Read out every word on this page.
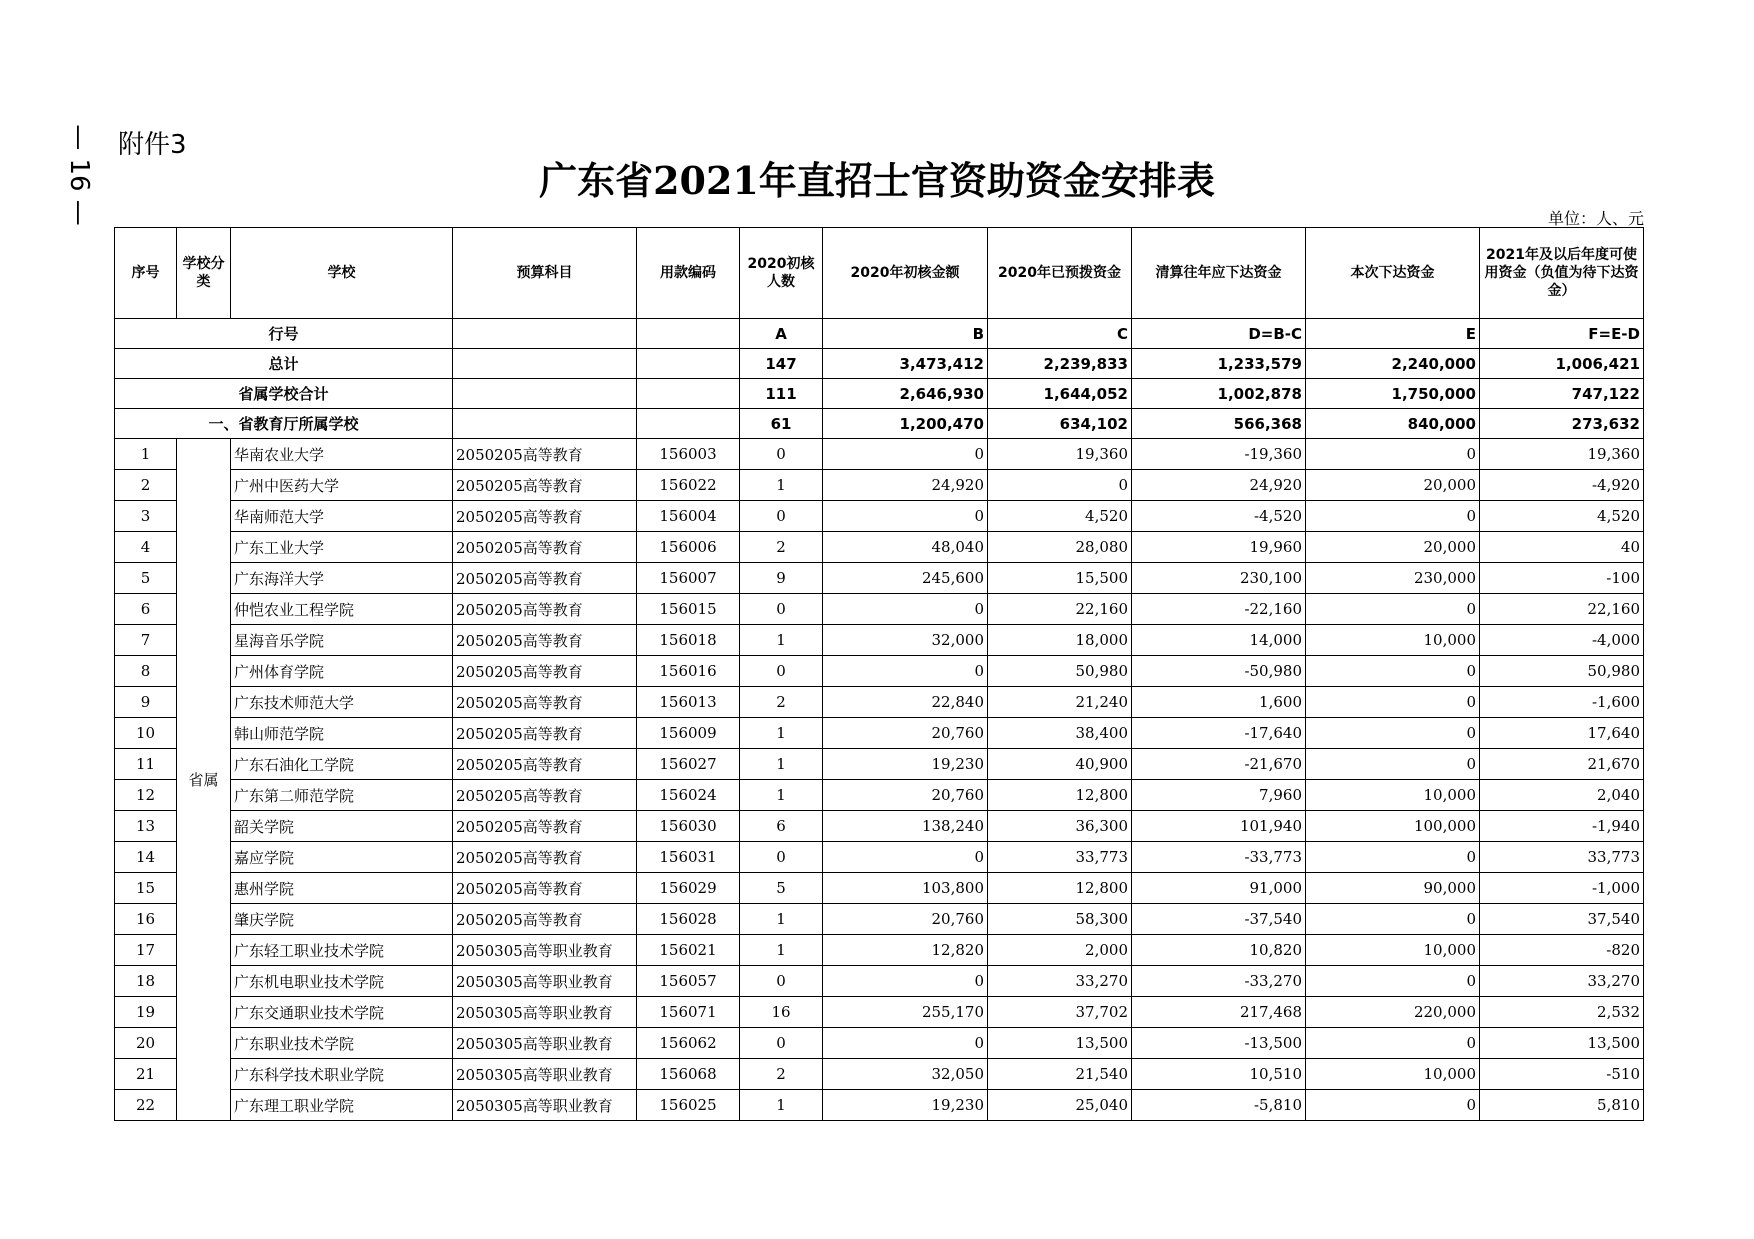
— 16 — 附件3
广东省2021年直招士官资助资金安排表
单位：人、元
序号	学校分类	学校	预算科目	用款编码	2020初核人数	2020年初核金额	2020年已预拨资金	清算往年应下达资金	本次下达资金	2021年及以后年度可使用资金（负值为待下达资金）
行号					A	B	C	D=B-C	E	F=E-D
总计					147	3,473,412	2,239,833	1,233,579	2,240,000	1,006,421
省属学校合计					111	2,646,930	1,644,052	1,002,878	1,750,000	747,122
一、省教育厅所属学校					61	1,200,470	634,102	566,368	840,000	273,632
1	省属	华南农业大学	2050205高等教育	156003	0	0	19,360	-19,360	0	19,360
2		广州中医药大学	2050205高等教育	156022	1	24,920	0	24,920	20,000	-4,920
3		华南师范大学	2050205高等教育	156004	0	0	4,520	-4,520	0	4,520
4		广东工业大学	2050205高等教育	156006	2	48,040	28,080	19,960	20,000	40
5		广东海洋大学	2050205高等教育	156007	9	245,600	15,500	230,100	230,000	-100
6		仲恺农业工程学院	2050205高等教育	156015	0	0	22,160	-22,160	0	22,160
7		星海音乐学院	2050205高等教育	156018	1	32,000	18,000	14,000	10,000	-4,000
8		广州体育学院	2050205高等教育	156016	0	0	50,980	-50,980	0	50,980
9		广东技术师范大学	2050205高等教育	156013	2	22,840	21,240	1,600	0	-1,600
10		韩山师范学院	2050205高等教育	156009	1	20,760	38,400	-17,640	0	17,640
11		广东石油化工学院	2050205高等教育	156027	1	19,230	40,900	-21,670	0	21,670
12		广东第二师范学院	2050205高等教育	156024	1	20,760	12,800	7,960	10,000	2,040
13		韶关学院	2050205高等教育	156030	6	138,240	36,300	101,940	100,000	-1,940
14		嘉应学院	2050205高等教育	156031	0	0	33,773	-33,773	0	33,773
15		惠州学院	2050205高等教育	156029	5	103,800	12,800	91,000	90,000	-1,000
16		肇庆学院	2050205高等教育	156028	1	20,760	58,300	-37,540	0	37,540
17		广东轻工职业技术学院	2050305高等职业教育	156021	1	12,820	2,000	10,820	10,000	-820
18		广东机电职业技术学院	2050305高等职业教育	156057	0	0	33,270	-33,270	0	33,270
19		广东交通职业技术学院	2050305高等职业教育	156071	16	255,170	37,702	217,468	220,000	2,532
20		广东职业技术学院	2050305高等职业教育	156062	0	0	13,500	-13,500	0	13,500
21		广东科学技术职业学院	2050305高等职业教育	156068	2	32,050	21,540	10,510	10,000	-510
22		广东理工职业学院	2050305高等职业教育	156025	1	19,230	25,040	-5,810	0	5,810
